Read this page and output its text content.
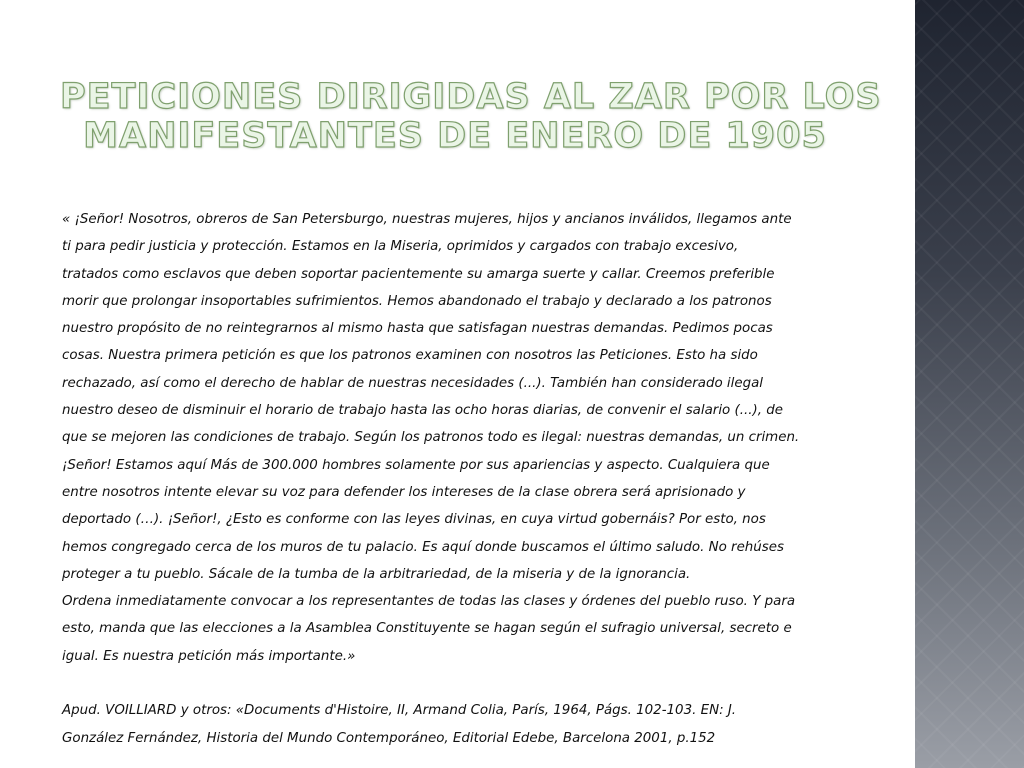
PETICIONES DIRIGIDAS AL ZAR POR LOS
MANIFESTANTES DE ENERO DE 1905
« ¡Señor! Nosotros, obreros de San Petersburgo, nuestras mujeres, hijos y ancianos inválidos, llegamos ante
ti para pedir justicia y protección. Estamos en la Miseria, oprimidos y cargados con trabajo excesivo,
tratados como esclavos que deben soportar pacientemente su amarga suerte y callar. Creemos preferible
morir que prolongar insoportables sufrimientos. Hemos abandonado el trabajo y declarado a los patronos
nuestro propósito de no reintegrarnos al mismo hasta que satisfagan nuestras demandas. Pedimos pocas
cosas. Nuestra primera petición es que los patronos examinen con nosotros las Peticiones. Esto ha sido
rechazado, así como el derecho de hablar de nuestras necesidades (...). También han considerado ilegal
nuestro deseo de disminuir el horario de trabajo hasta las ocho horas diarias, de convenir el salario (...), de
que se mejoren las condiciones de trabajo. Según los patronos todo es ilegal: nuestras demandas, un crimen.
¡Señor! Estamos aquí Más de 300.000 hombres solamente por sus apariencias y aspecto. Cualquiera que
entre nosotros intente elevar su voz para defender los intereses de la clase obrera será aprisionado y
deportado (…). ¡Señor!, ¿Esto es conforme con las leyes divinas, en cuya virtud gobernáis? Por esto, nos
hemos congregado cerca de los muros de tu palacio. Es aquí donde buscamos el último saludo. No rehúses
proteger a tu pueblo. Sácale de la tumba de la arbitrariedad, de la miseria y de la ignorancia.
Ordena inmediatamente convocar a los representantes de todas las clases y órdenes del pueblo ruso. Y para
esto, manda que las elecciones a la Asamblea Constituyente se hagan según el sufragio universal, secreto e
igual. Es nuestra petición más importante.»
Apud. VOILLIARD y otros: «Documents d'Histoire, II, Armand Colia, París, 1964, Págs. 102-103. EN: J.
González Fernández, Historia del Mundo Contemporáneo, Editorial Edebe, Barcelona 2001, p.152
